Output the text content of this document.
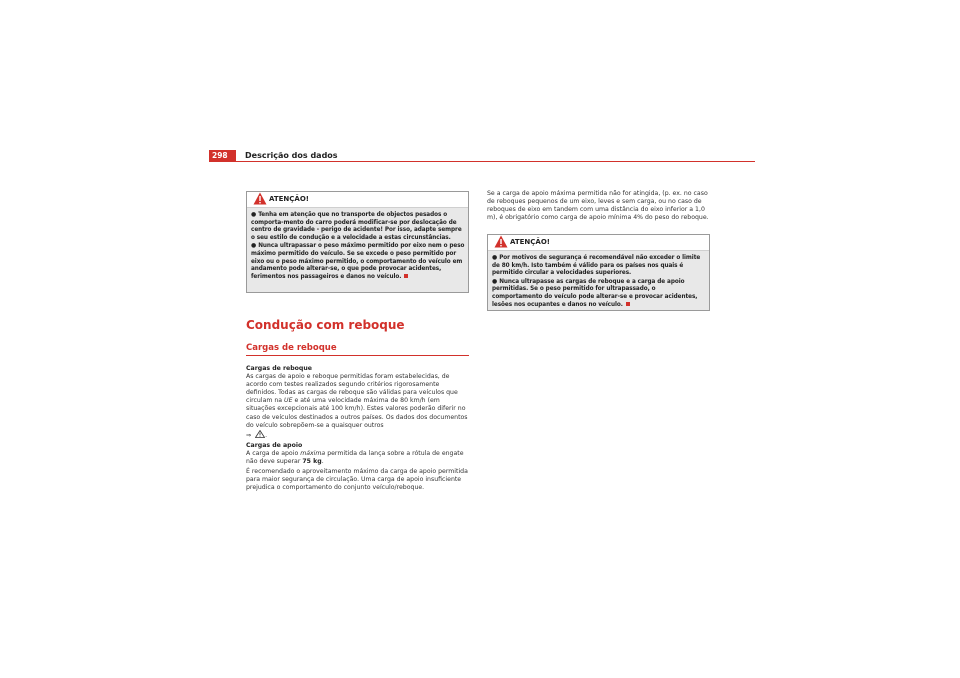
298	Descrição dos dados
ATENÇÃO!
● Tenha em atenção que no transporte de objectos pesados o comporta-mento do carro poderá modificar-se por deslocação de centro de gravidade - perigo de acidente! Por isso, adapte sempre o seu estilo de condução e a velocidade a estas circunstâncias.
● Nunca ultrapassar o peso máximo permitido por eixo nem o peso máximo permitido do veículo. Se se excede o peso permitido por eixo ou o peso máximo permitido, o comportamento do veículo em andamento pode alterar-se, o que pode provocar acidentes, ferimentos nos passageiros e danos no veículo.
Condução com reboque
Cargas de reboque
Cargas de reboque
As cargas de apoio e reboque permitidas foram estabelecidas, de acordo com testes realizados segundo critérios rigorosamente definidos. Todas as cargas de reboque são válidas para veículos que circulam na UE e até uma velocidade máxima de 80 km/h (em situações excepcionais até 100 km/h). Estes valores poderão diferir no caso de veículos destinados a outros países. Os dados dos documentos do veículo sobrepõem-se a quaisquer outros
⇒ .
Cargas de apoio
A carga de apoio máxima permitida da lança sobre a rótula de engate não deve superar 75 kg.
É recomendado o aproveitamento máximo da carga de apoio permitida para maior segurança de circulação. Uma carga de apoio insuficiente prejudica o comportamento do conjunto veículo/reboque.
Se a carga de apoio máxima permitida não for atingida, (p. ex. no caso de reboques pequenos de um eixo, leves e sem carga, ou no caso de reboques de eixo em tandem com uma distância do eixo inferior a 1,0 m), é obrigatório como carga de apoio mínima 4% do peso do reboque.
ATENÇÃO!
● Por motivos de segurança é recomendável não exceder o limite de 80 km/h. Isto também é válido para os países nos quais é permitido circular a velocidades superiores.
● Nunca ultrapasse as cargas de reboque e a carga de apoio permitidas. Se o peso permitido for ultrapassado, o comportamento do veículo pode alterar-se e provocar acidentes, lesões nos ocupantes e danos no veículo.
